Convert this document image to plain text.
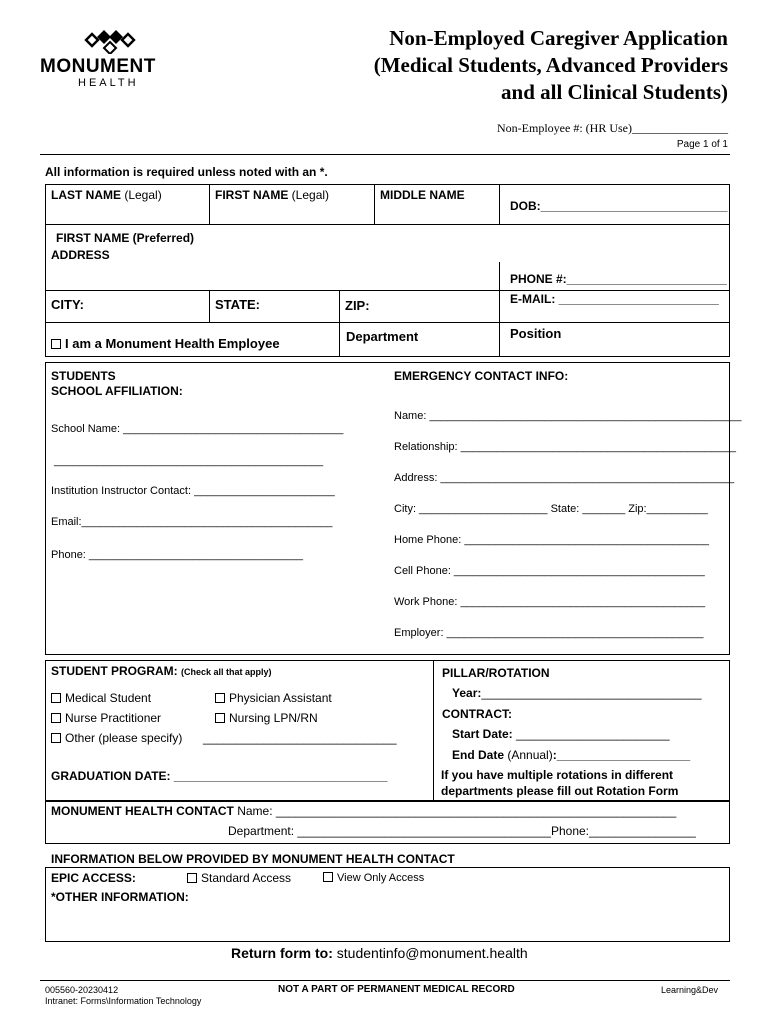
MONUMENT
HEALTH
Non-Employed Caregiver Application
(Medical Students, Advanced Providers
and all Clinical Students)
Non-Employee #: (HR Use)________________
Page 1 of 1
All information is required unless noted with an *.
LAST NAME (Legal)	FIRST NAME (Legal)	MIDDLE NAME
DOB:____________________________
FIRST NAME (Preferred)
ADDRESS
PHONE #:________________________
E-MAIL: ________________________
CITY:	STATE:	ZIP:
I am a Monument Health Employee	Department	Position
STUDENTS
SCHOOL AFFILIATION:
School Name: ____________________________________
____________________________________________
Institution Instructor Contact: _______________________
Email:_________________________________________
Phone: ___________________________________
EMERGENCY CONTACT INFO:
Name: ___________________________________________________
Relationship: _____________________________________________
Address: ________________________________________________
City: _____________________ State: _______ Zip:__________
Home Phone: ________________________________________
Cell Phone: _________________________________________
Work Phone: ________________________________________
Employer: __________________________________________
STUDENT PROGRAM: (Check all that apply)
Medical Student	Physician Assistant
Nurse Practitioner	Nursing LPN/RN
Other (please specify) _____________________________
GRADUATION DATE: ________________________________
PILLAR/ROTATION
Year:_________________________________
CONTRACT:
Start Date: _______________________
End Date (Annual):____________________
If you have multiple rotations in different
departments please fill out Rotation Form
MONUMENT HEALTH CONTACT Name: ____________________________________________________________
Department: ______________________________________Phone:________________
INFORMATION BELOW PROVIDED BY MONUMENT HEALTH CONTACT
EPIC ACCESS:	Standard Access	View Only Access
*OTHER INFORMATION:
Return form to: studentinfo@monument.health
005560-20230412
Intranet: Forms\Information Technology
NOT A PART OF PERMANENT MEDICAL RECORD	Learning&Dev
